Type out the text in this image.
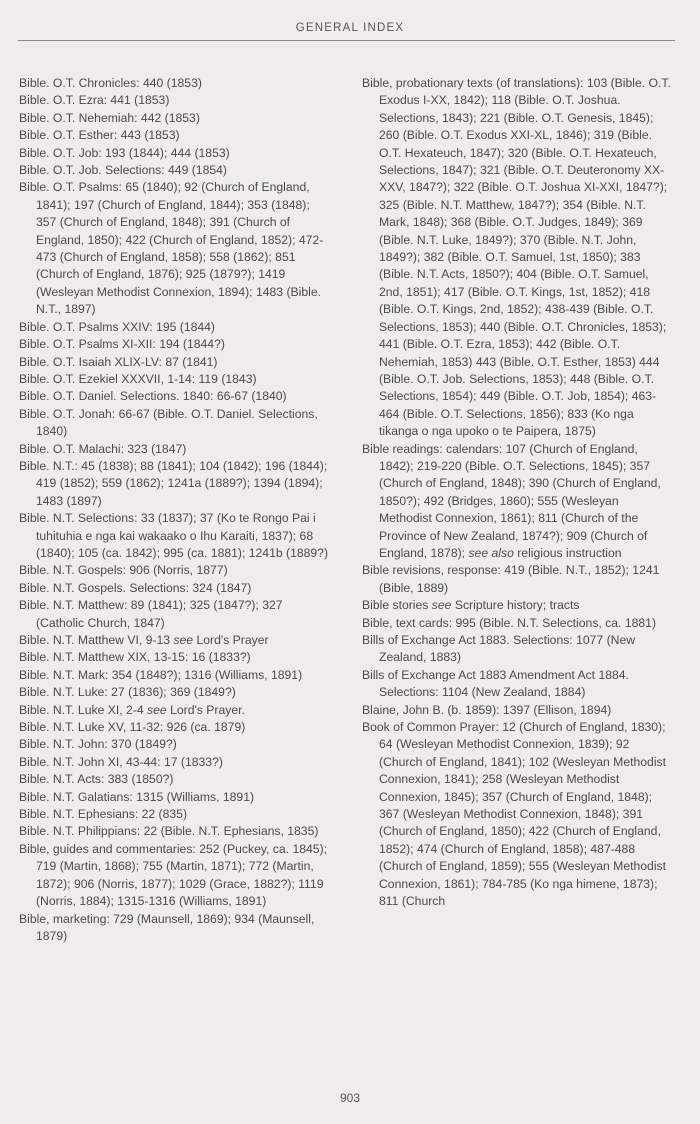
GENERAL INDEX

Bible. O.T. Chronicles: 440 (1853)

Bible. O.T. Ezra: 441 (1853)

Bible. O.T. Nehemiah: 442 (1853)

Bible. O.T. Esther: 443 (1853)

Bible. O.T. Job: 193 (1844); 444 (1853)

Bible. O.T. Job. Selections: 449 (1854)

Bible. O.T. Psalms: 65 (1840); 92 (Church of England, 1841); 197 (Church of England, 1844); 353 (1848); 357 (Church of England, 1848); 391 (Church of England, 1850); 422 (Church of England, 1852); 472-473 (Church of England, 1858); 558 (1862); 851 (Church of England, 1876); 925 (1879?); 1419 (Wesleyan Methodist Connexion, 1894); 1483 (Bible. N.T., 1897)

Bible. O.T. Psalms XXIV: 195 (1844)

Bible. O.T. Psalms XI-XII: 194 (1844?)

Bible. O.T. Isaiah XLIX-LV: 87 (1841)

Bible. O.T. Ezekiel XXXVII, 1-14: 119 (1843)

Bible. O.T. Daniel. Selections. 1840: 66-67 (1840)

Bible. O.T. Jonah: 66-67 (Bible. O.T. Daniel. Selections, 1840)

Bible. O.T. Malachi: 323 (1847)

Bible. N.T.: 45 (1838); 88 (1841); 104 (1842); 196 (1844); 419 (1852); 559 (1862); 1241a (1889?); 1394 (1894); 1483 (1897)

Bible. N.T. Selections: 33 (1837); 37 (Ko te Rongo Pai i tuhituhia e nga kai wakaako o Ihu Karaiti, 1837); 68 (1840); 105 (ca. 1842); 995 (ca. 1881); 1241b (1889?)

Bible. N.T. Gospels: 906 (Norris, 1877)

Bible. N.T. Gospels. Selections: 324 (1847)

Bible. N.T. Matthew: 89 (1841); 325 (1847?); 327 (Catholic Church, 1847)

Bible. N.T. Matthew VI, 9-13 see Lord's Prayer

Bible. N.T. Matthew XIX, 13-15: 16 (1833?)

Bible. N.T. Mark: 354 (1848?); 1316 (Williams, 1891)

Bible. N.T. Luke: 27 (1836); 369 (1849?)

Bible. N.T. Luke XI, 2-4 see Lord's Prayer.

Bible. N.T. Luke XV, 11-32: 926 (ca. 1879)

Bible. N.T. John: 370 (1849?)

Bible. N.T. John XI, 43-44: 17 (1833?)

Bible. N.T. Acts: 383 (1850?)

Bible. N.T. Galatians: 1315 (Williams, 1891)

Bible. N.T. Ephesians: 22 (835)

Bible. N.T. Philippians: 22 (Bible. N.T. Ephesians, 1835)

Bible, guides and commentaries: 252 (Puckey, ca. 1845); 719 (Martin, 1868); 755 (Martin, 1871); 772 (Martin, 1872); 906 (Norris, 1877); 1029 (Grace, 1882?); 1119 (Norris, 1884); 1315-1316 (Williams, 1891)

Bible, marketing: 729 (Maunsell, 1869); 934 (Maunsell, 1879)

Bible, probationary texts (of translations): 103 (Bible. O.T. Exodus I-XX, 1842); 118 (Bible. O.T. Joshua. Selections, 1843); 221 (Bible. O.T. Genesis, 1845); 260 (Bible. O.T. Exodus XXI-XL, 1846); 319 (Bible. O.T. Hexateuch, 1847); 320 (Bible. O.T. Hexateuch, Selections, 1847); 321 (Bible. O.T. Deuteronomy XX-XXV, 1847?); 322 (Bible. O.T. Joshua XI-XXI, 1847?); 325 (Bible. N.T. Matthew, 1847?); 354 (Bible. N.T. Mark, 1848); 368 (Bible. O.T. Judges, 1849); 369 (Bible. N.T. Luke, 1849?); 370 (Bible. N.T. John, 1849?); 382 (Bible. O.T. Samuel, 1st, 1850); 383 (Bible. N.T. Acts, 1850?); 404 (Bible. O.T. Samuel, 2nd, 1851); 417 (Bible. O.T. Kings, 1st, 1852); 418 (Bible. O.T. Kings, 2nd, 1852); 438-439 (Bible. O.T. Selections, 1853); 440 (Bible. O.T. Chronicles, 1853); 441 (Bible. O.T. Ezra, 1853); 442 (Bible. O.T. Nehemiah, 1853) 443 (Bible. O.T. Esther, 1853) 444 (Bible. O.T. Job. Selections, 1853); 448 (Bible. O.T. Selections, 1854); 449 (Bible. O.T. Job, 1854); 463-464 (Bible. O.T. Selections, 1856); 833 (Ko nga tikanga o nga upoko o te Paipera, 1875)

Bible readings: calendars: 107 (Church of England, 1842); 219-220 (Bible. O.T. Selections, 1845); 357 (Church of England, 1848); 390 (Church of England, 1850?); 492 (Bridges, 1860); 555 (Wesleyan Methodist Connexion, 1861); 811 (Church of the Province of New Zealand, 1874?); 909 (Church of England, 1878); see also religious instruction

Bible revisions, response: 419 (Bible. N.T., 1852); 1241 (Bible, 1889)

Bible stories see Scripture history; tracts

Bible, text cards: 995 (Bible. N.T. Selections, ca. 1881)

Bills of Exchange Act 1883. Selections: 1077 (New Zealand, 1883)

Bills of Exchange Act 1883 Amendment Act 1884. Selections: 1104 (New Zealand, 1884)

Blaine, John B. (b. 1859): 1397 (Ellison, 1894)

Book of Common Prayer: 12 (Church of England, 1830); 64 (Wesleyan Methodist Connexion, 1839); 92 (Church of England, 1841); 102 (Wesleyan Methodist Connexion, 1841); 258 (Wesleyan Methodist Connexion, 1845); 357 (Church of England, 1848); 367 (Wesleyan Methodist Connexion, 1848); 391 (Church of England, 1850); 422 (Church of England, 1852); 474 (Church of England, 1858); 487-488 (Church of England, 1859); 555 (Wesleyan Methodist Connexion, 1861); 784-785 (Ko nga himene, 1873); 811 (Church

903
